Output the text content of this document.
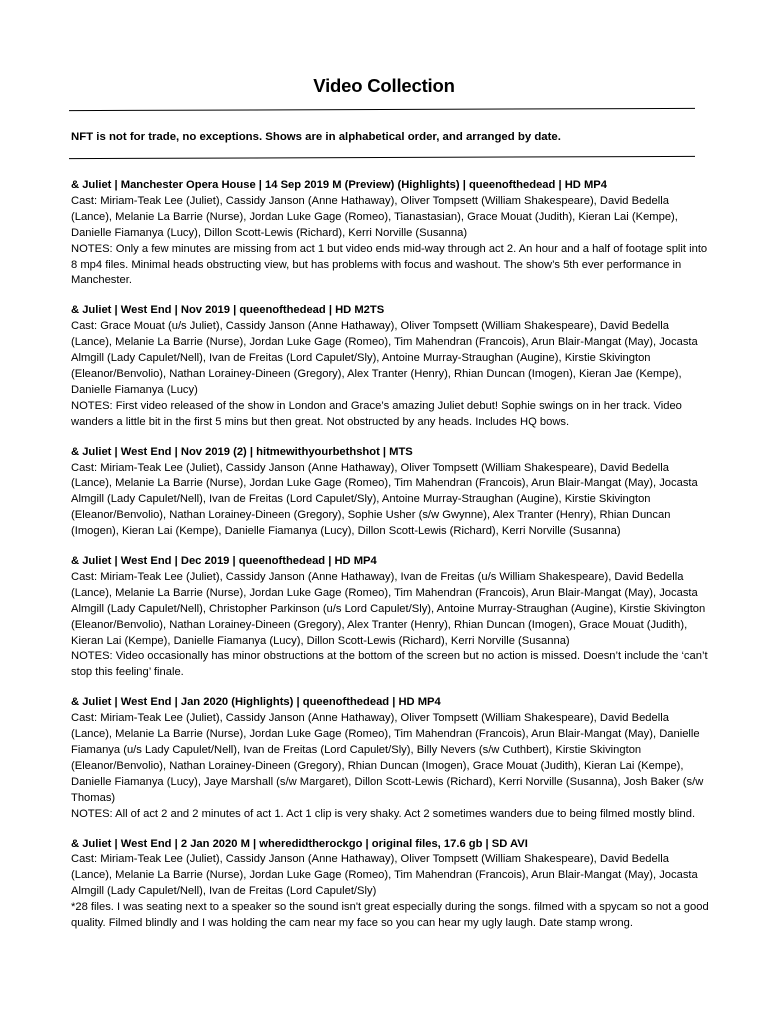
Video Collection
NFT is not for trade, no exceptions. Shows are in alphabetical order, and arranged by date.

& Juliet | Manchester Opera House | 14 Sep 2019 M (Preview) (Highlights) | queenofthedead | HD MP4

Cast: Miriam-Teak Lee (Juliet), Cassidy Janson (Anne Hathaway), Oliver Tompsett (William Shakespeare), David Bedella (Lance), Melanie La Barrie (Nurse), Jordan Luke Gage (Romeo), Tianastasian), Grace Mouat (Judith), Kieran Lai (Kempe), Danielle Fiamanya (Lucy), Dillon Scott-Lewis (Richard), Kerri Norville (Susanna)

NOTES: Only a few minutes are missing from act 1 but video ends mid-way through act 2. An hour and a half of footage split into 8 mp4 files. Minimal heads obstructing view, but has problems with focus and washout. The show’s 5th ever performance in Manchester.

& Juliet | West End | Nov 2019 | queenofthedead | HD M2TS

Cast: Grace Mouat (u/s Juliet), Cassidy Janson (Anne Hathaway), Oliver Tompsett (William Shakespeare), David Bedella (Lance), Melanie La Barrie (Nurse), Jordan Luke Gage (Romeo), Tim Mahendran (Francois), Arun Blair-Mangat (May), Jocasta Almgill (Lady Capulet/Nell), Ivan de Freitas (Lord Capulet/Sly), Antoine Murray-Straughan (Augine), Kirstie Skivington (Eleanor/Benvolio), Nathan Lorainey-Dineen (Gregory), Alex Tranter (Henry), Rhian Duncan (Imogen), Kieran Jae (Kempe), Danielle Fiamanya (Lucy)

NOTES: First video released of the show in London and Grace’s amazing Juliet debut! Sophie swings on in her track. Video wanders a little bit in the first 5 mins but then great. Not obstructed by any heads. Includes HQ bows.

& Juliet | West End | Nov 2019 (2) | hitmewithyourbethshot | MTS

Cast: Miriam-Teak Lee (Juliet), Cassidy Janson (Anne Hathaway), Oliver Tompsett (William Shakespeare), David Bedella (Lance), Melanie La Barrie (Nurse), Jordan Luke Gage (Romeo), Tim Mahendran (Francois), Arun Blair-Mangat (May), Jocasta Almgill (Lady Capulet/Nell), Ivan de Freitas (Lord Capulet/Sly), Antoine Murray-Straughan (Augine), Kirstie Skivington (Eleanor/Benvolio), Nathan Lorainey-Dineen (Gregory), Sophie Usher (s/w Gwynne), Alex Tranter (Henry), Rhian Duncan (Imogen), Kieran Lai (Kempe), Danielle Fiamanya (Lucy), Dillon Scott-Lewis (Richard), Kerri Norville (Susanna)

& Juliet | West End | Dec 2019 | queenofthedead | HD MP4

Cast: Miriam-Teak Lee (Juliet), Cassidy Janson (Anne Hathaway), Ivan de Freitas (u/s William Shakespeare), David Bedella (Lance), Melanie La Barrie (Nurse), Jordan Luke Gage (Romeo), Tim Mahendran (Francois), Arun Blair-Mangat (May), Jocasta Almgill (Lady Capulet/Nell), Christopher Parkinson (u/s Lord Capulet/Sly), Antoine Murray-Straughan (Augine), Kirstie Skivington (Eleanor/Benvolio), Nathan Lorainey-Dineen (Gregory), Alex Tranter (Henry), Rhian Duncan (Imogen), Grace Mouat (Judith), Kieran Lai (Kempe), Danielle Fiamanya (Lucy), Dillon Scott-Lewis (Richard), Kerri Norville (Susanna)

NOTES: Video occasionally has minor obstructions at the bottom of the screen but no action is missed. Doesn’t include the ‘can’t stop this feeling’ finale.

& Juliet | West End | Jan 2020 (Highlights) | queenofthedead | HD MP4

Cast: Miriam-Teak Lee (Juliet), Cassidy Janson (Anne Hathaway), Oliver Tompsett (William Shakespeare), David Bedella (Lance), Melanie La Barrie (Nurse), Jordan Luke Gage (Romeo), Tim Mahendran (Francois), Arun Blair-Mangat (May), Danielle Fiamanya (u/s Lady Capulet/Nell), Ivan de Freitas (Lord Capulet/Sly), Billy Nevers (s/w Cuthbert), Kirstie Skivington (Eleanor/Benvolio), Nathan Lorainey-Dineen (Gregory), Rhian Duncan (Imogen), Grace Mouat (Judith), Kieran Lai (Kempe), Danielle Fiamanya (Lucy), Jaye Marshall (s/w Margaret), Dillon Scott-Lewis (Richard), Kerri Norville (Susanna), Josh Baker (s/w Thomas)

NOTES: All of act 2 and 2 minutes of act 1. Act 1 clip is very shaky. Act 2 sometimes wanders due to being filmed mostly blind.

& Juliet | West End | 2 Jan 2020 M | wheredidtherockgo | original files, 17.6 gb | SD AVI

Cast: Miriam-Teak Lee (Juliet), Cassidy Janson (Anne Hathaway), Oliver Tompsett (William Shakespeare), David Bedella (Lance), Melanie La Barrie (Nurse), Jordan Luke Gage (Romeo), Tim Mahendran (Francois), Arun Blair-Mangat (May), Jocasta Almgill (Lady Capulet/Nell), Ivan de Freitas (Lord Capulet/Sly)

*28 files. I was seating next to a speaker so the sound isn't great especially during the songs. filmed with a spycam so not a good quality. Filmed blindly and I was holding the cam near my face so you can hear my ugly laugh. Date stamp wrong.
